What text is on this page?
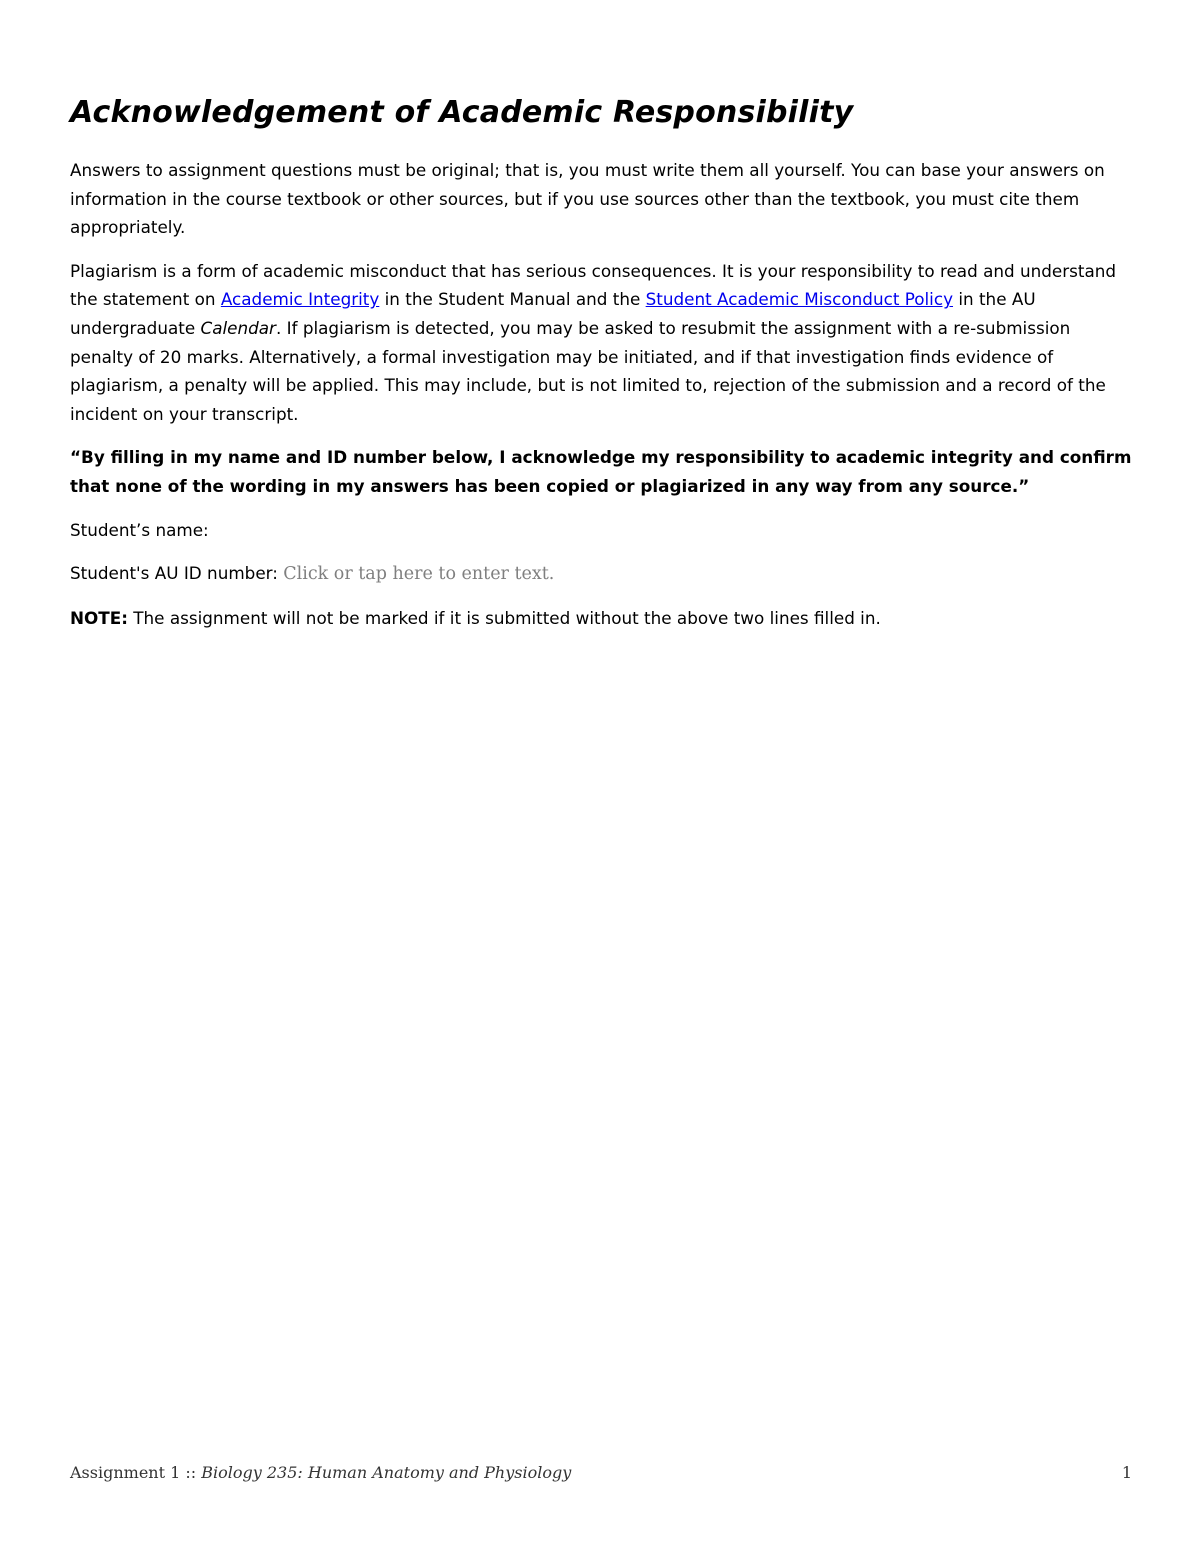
Acknowledgement of Academic Responsibility

Answers to assignment questions must be original; that is, you must write them all yourself. You can base your answers on information in the course textbook or other sources, but if you use sources other than the textbook, you must cite them appropriately.

Plagiarism is a form of academic misconduct that has serious consequences. It is your responsibility to read and understand the statement on Academic Integrity in the Student Manual and the Student Academic Misconduct Policy in the AU undergraduate Calendar. If plagiarism is detected, you may be asked to resubmit the assignment with a re-submission penalty of 20 marks. Alternatively, a formal investigation may be initiated, and if that investigation finds evidence of plagiarism, a penalty will be applied. This may include, but is not limited to, rejection of the submission and a record of the incident on your transcript.

“By filling in my name and ID number below, I acknowledge my responsibility to academic integrity and confirm that none of the wording in my answers has been copied or plagiarized in any way from any source.”

Student’s name:

Student's AU ID number: Click or tap here to enter text.

NOTE: The assignment will not be marked if it is submitted without the above two lines filled in.

Assignment 1 :: Biology 235: Human Anatomy and Physiology	1
